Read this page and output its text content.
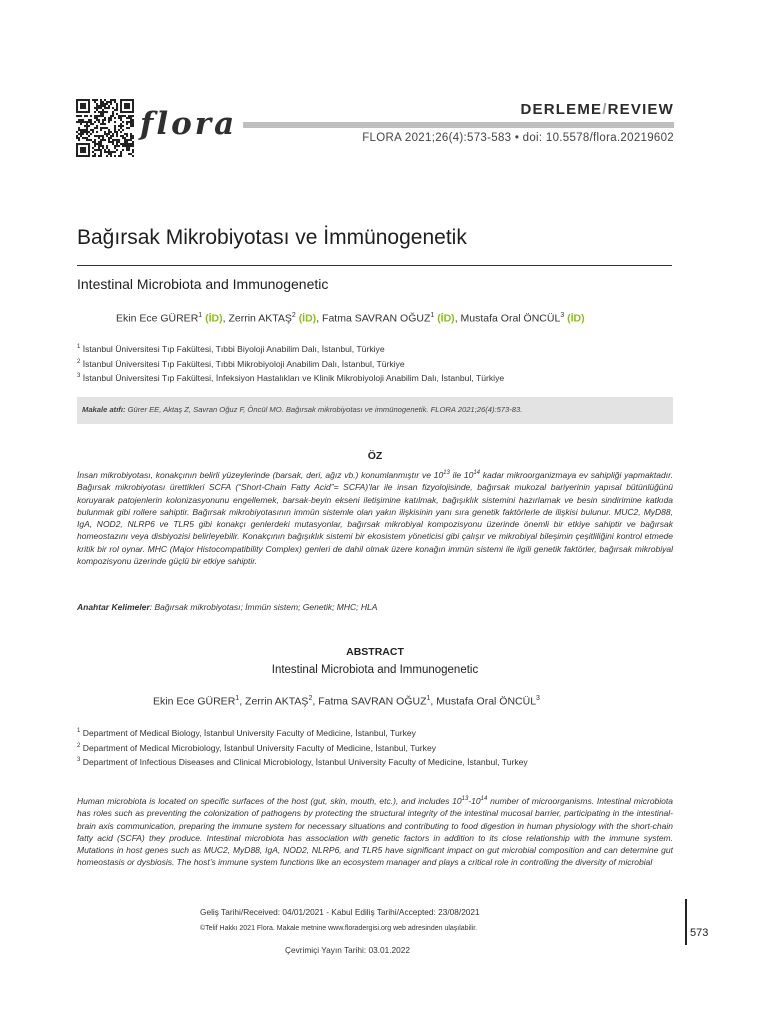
flora	DERLEME/REVIEW
FLORA 2021;26(4):573-583 • doi: 10.5578/flora.20219602
Bağırsak Mikrobiyotası ve İmmünogenetik
Intestinal Microbiota and Immunogenetic
Ekin Ece GÜRER$^1$ (İD), Zerrin AKTAŞ$^2$ (İD), Fatma SAVRAN OĞUZ$^1$ (İD), Mustafa Oral ÖNCÜL$^3$ (İD)
$^1$ İstanbul Üniversitesi Tıp Fakültesi, Tıbbi Biyoloji Anabilim Dalı, İstanbul, Türkiye
$^2$ İstanbul Üniversitesi Tıp Fakültesi, Tıbbi Mikrobiyoloji Anabilim Dalı, İstanbul, Türkiye
$^3$ İstanbul Üniversitesi Tıp Fakültesi, İnfeksiyon Hastalıkları ve Klinik Mikrobiyoloji Anabilim Dalı, İstanbul, Türkiye
Makale atıfı: Gürer EE, Aktaş Z, Savran Oğuz F, Öncül MO. Bağırsak mikrobiyotası ve immünogenetik. FLORA 2021;26(4):573-83.
ÖZ
İnsan mikrobiyotası, konakçının belirli yüzeylerinde (barsak, deri, ağız vb.) konumlanmıştır ve $10^{13}$ ile $10^{14}$ kadar mikroorganizmaya ev sahipliği yapmaktadır. Bağırsak mikrobiyotası ürettikleri SCFA (“Short-Chain Fatty Acid”= SCFA)’lar ile insan fizyolojisinde, bağırsak mukozal bariyerinin yapısal bütünlüğünü koruyarak patojenlerin kolonizasyonunu engellemek, barsak-beyin ekseni iletişimine katılmak, bağışıklık sistemini hazırlamak ve besin sindirimine katkıda bulunmak gibi rollere sahiptir. Bağırsak mikrobiyotasının immün sistemle olan yakın ilişkisinin yanı sıra genetik faktörlerle de ilişkisi bulunur. MUC2, MyD88, IgA, NOD2, NLRP6 ve TLR5 gibi konakçı genlerdeki mutasyonlar, bağırsak mikrobiyal kompozisyonu üzerinde önemli bir etkiye sahiptir ve bağırsak homeostazını veya disbiyozisi belirleyebilir. Konakçının bağışıklık sistemi bir ekosistem yöneticisi gibi çalışır ve mikrobiyal bileşimin çeşitliliğini kontrol etmede kritik bir rol oynar. MHC (Major Histocompatibility Complex) genleri de dahil olmak üzere konağın immün sistemi ile ilgili genetik faktörler, bağırsak mikrobiyal kompozisyonu üzerinde güçlü bir etkiye sahiptir.
Anahtar Kelimeler: Bağırsak mikrobiyotası; İmmün sistem; Genetik; MHC; HLA
ABSTRACT
Intestinal Microbiota and Immunogenetic
Ekin Ece GÜRER$^1$, Zerrin AKTAŞ$^2$, Fatma SAVRAN OĞUZ$^1$, Mustafa Oral ÖNCÜL$^3$
$^1$ Department of Medical Biology, İstanbul University Faculty of Medicine, İstanbul, Turkey
$^2$ Department of Medical Microbiology, İstanbul University Faculty of Medicine, İstanbul, Turkey
$^3$ Department of Infectious Diseases and Clinical Microbiology, İstanbul University Faculty of Medicine, İstanbul, Turkey
Human microbiota is located on specific surfaces of the host (gut, skin, mouth, etc.), and includes $10^{13}-10^{14}$ number of microorganisms. Intestinal microbiota has roles such as preventing the colonization of pathogens by protecting the structural integrity of the intestinal mucosal barrier, participating in the intestinal-brain axis communication, preparing the immune system for necessary situations and contributing to food digestion in human physiology with the short-chain fatty acid (SCFA) they produce. Intestinal microbiota has association with genetic factors in addition to its close relationship with the immune system. Mutations in host genes such as MUC2, MyD88, IgA, NOD2, NLRP6, and TLR5 have significant impact on gut microbial composition and can determine gut homeostasis or dysbiosis. The host’s immune system functions like an ecosystem manager and plays a critical role in controlling the diversity of microbial
Geliş Tarihi/Received: 04/01/2021 - Kabul Ediliş Tarihi/Accepted: 23/08/2021
©Telif Hakkı 2021 Flora. Makale metnine www.floradergisi.org web adresinden ulaşılabilir.
Çevrimiçi Yayın Tarihi: 03.01.2022
573
